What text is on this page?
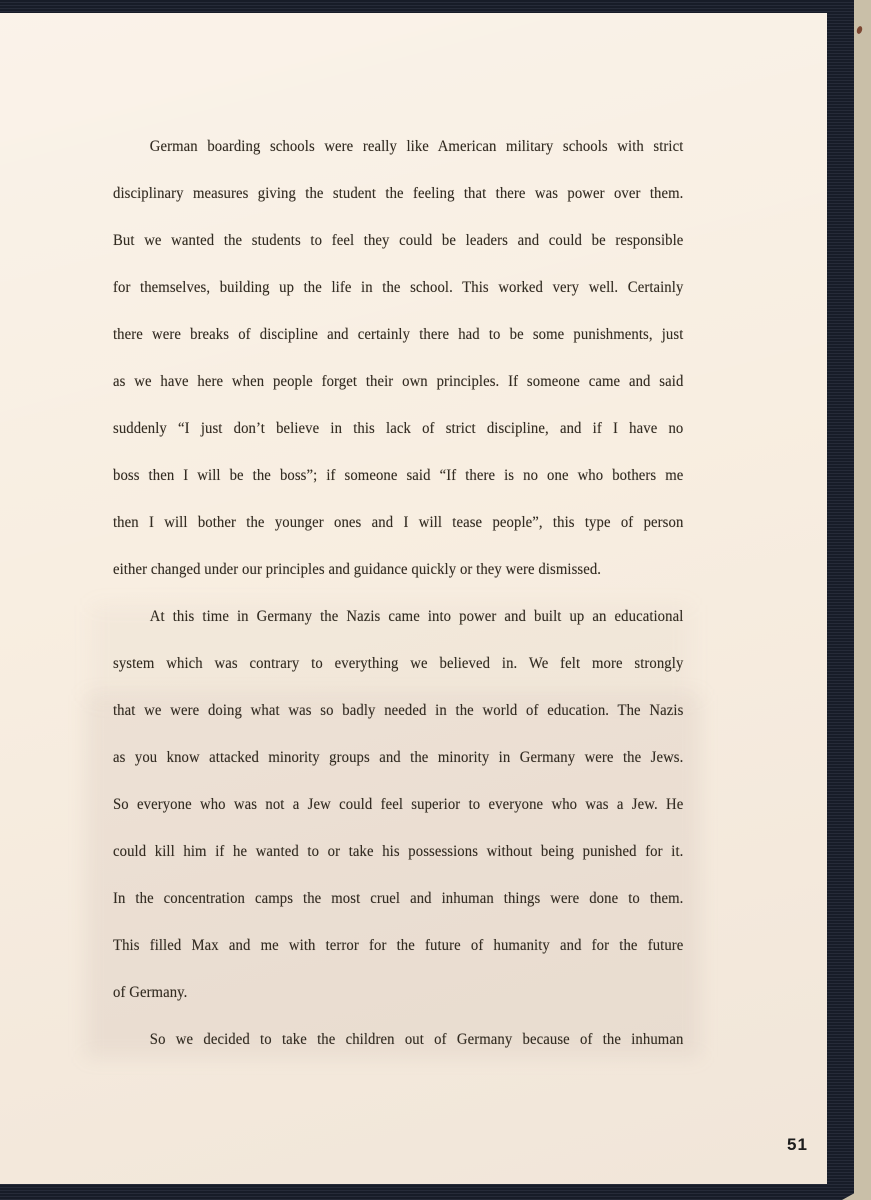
German boarding schools were really like American military schools with strict
disciplinary measures giving the student the feeling that there was power over them.
But we wanted the students to feel they could be leaders and could be responsible
for themselves, building up the life in the school. This worked very well. Certainly
there were breaks of discipline and certainly there had to be some punishments, just
as we have here when people forget their own principles. If someone came and said
suddenly “I just don’t believe in this lack of strict discipline, and if I have no
boss then I will be the boss”; if someone said “If there is no one who bothers me
then I will bother the younger ones and I will tease people”, this type of person
either changed under our principles and guidance quickly or they were dismissed.
At this time in Germany the Nazis came into power and built up an educational
system which was contrary to everything we believed in. We felt more strongly
that we were doing what was so badly needed in the world of education. The Nazis
as you know attacked minority groups and the minority in Germany were the Jews.
So everyone who was not a Jew could feel superior to everyone who was a Jew. He
could kill him if he wanted to or take his possessions without being punished for it.
In the concentration camps the most cruel and inhuman things were done to them.
This filled Max and me with terror for the future of humanity and for the future
of Germany.
So we decided to take the children out of Germany because of the inhuman
51
